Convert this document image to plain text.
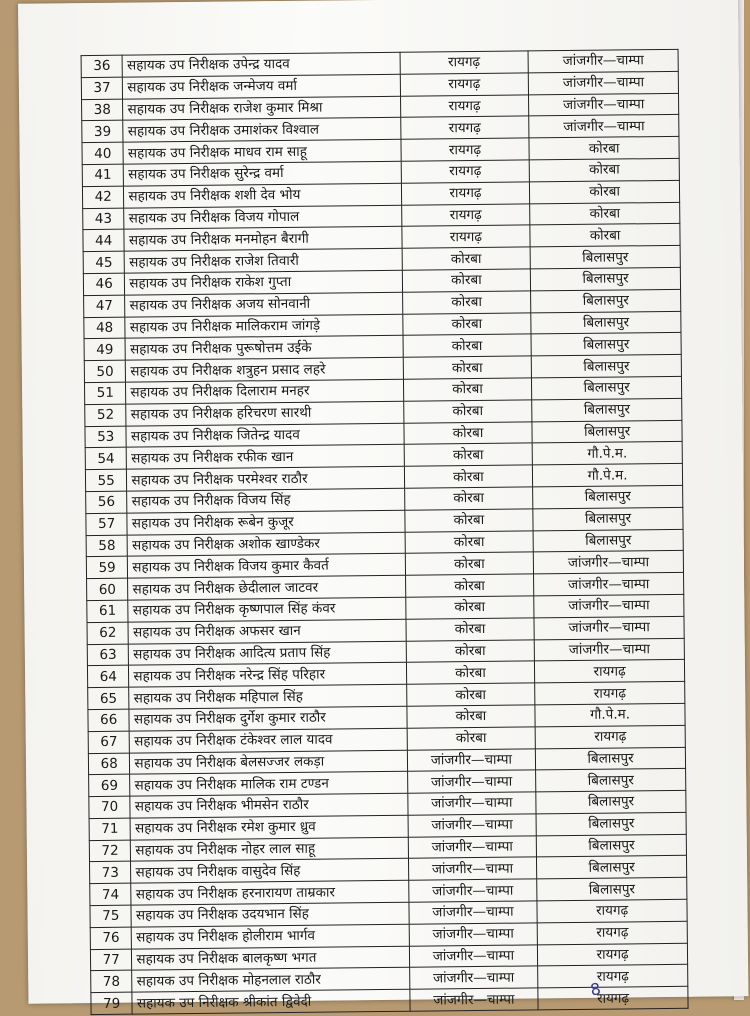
36	सहायक उप निरीक्षक उपेन्द्र यादव	रायगढ़	जांजगीर—चाम्पा
37	सहायक उप निरीक्षक जन्मेजय वर्मा	रायगढ़	जांजगीर—चाम्पा
38	सहायक उप निरीक्षक राजेश कुमार मिश्रा	रायगढ़	जांजगीर—चाम्पा
39	सहायक उप निरीक्षक उमाशंकर विश्वाल	रायगढ़	जांजगीर—चाम्पा
40	सहायक उप निरीक्षक माधव राम साहू	रायगढ़	कोरबा
41	सहायक उप निरीक्षक सुरेन्द्र वर्मा	रायगढ़	कोरबा
42	सहायक उप निरीक्षक शशी देव भोय	रायगढ़	कोरबा
43	सहायक उप निरीक्षक विजय गोपाल	रायगढ़	कोरबा
44	सहायक उप निरीक्षक मनमोहन बैरागी	रायगढ़	कोरबा
45	सहायक उप निरीक्षक राजेश तिवारी	कोरबा	बिलासपुर
46	सहायक उप निरीक्षक राकेश गुप्ता	कोरबा	बिलासपुर
47	सहायक उप निरीक्षक अजय सोनवानी	कोरबा	बिलासपुर
48	सहायक उप निरीक्षक मालिकराम जांगड़े	कोरबा	बिलासपुर
49	सहायक उप निरीक्षक पुरूषोत्तम उईके	कोरबा	बिलासपुर
50	सहायक उप निरीक्षक शत्रुहन प्रसाद लहरे	कोरबा	बिलासपुर
51	सहायक उप निरीक्षक दिलाराम मनहर	कोरबा	बिलासपुर
52	सहायक उप निरीक्षक हरिचरण सारथी	कोरबा	बिलासपुर
53	सहायक उप निरीक्षक जितेन्द्र यादव	कोरबा	बिलासपुर
54	सहायक उप निरीक्षक रफीक खान	कोरबा	गौ.पे.म.
55	सहायक उप निरीक्षक परमेश्वर राठौर	कोरबा	गौ.पे.म.
56	सहायक उप निरीक्षक विजय सिंह	कोरबा	बिलासपुर
57	सहायक उप निरीक्षक रूबेन कुजूर	कोरबा	बिलासपुर
58	सहायक उप निरीक्षक अशोक खाण्डेकर	कोरबा	बिलासपुर
59	सहायक उप निरीक्षक विजय कुमार कैवर्त	कोरबा	जांजगीर—चाम्पा
60	सहायक उप निरीक्षक छेदीलाल जाटवर	कोरबा	जांजगीर—चाम्पा
61	सहायक उप निरीक्षक कृष्णपाल सिंह कंवर	कोरबा	जांजगीर—चाम्पा
62	सहायक उप निरीक्षक अफसर खान	कोरबा	जांजगीर—चाम्पा
63	सहायक उप निरीक्षक आदित्य प्रताप सिंह	कोरबा	जांजगीर—चाम्पा
64	सहायक उप निरीक्षक नरेन्द्र सिंह परिहार	कोरबा	रायगढ़
65	सहायक उप निरीक्षक महिपाल सिंह	कोरबा	रायगढ़
66	सहायक उप निरीक्षक दुर्गेश कुमार राठौर	कोरबा	गौ.पे.म.
67	सहायक उप निरीक्षक टंकेश्वर लाल यादव	कोरबा	रायगढ़
68	सहायक उप निरीक्षक बेलसज्जर लकड़ा	जांजगीर—चाम्पा	बिलासपुर
69	सहायक उप निरीक्षक मालिक राम टण्डन	जांजगीर—चाम्पा	बिलासपुर
70	सहायक उप निरीक्षक भीमसेन राठौर	जांजगीर—चाम्पा	बिलासपुर
71	सहायक उप निरीक्षक रमेश कुमार ध्रुव	जांजगीर—चाम्पा	बिलासपुर
72	सहायक उप निरीक्षक नोहर लाल साहू	जांजगीर—चाम्पा	बिलासपुर
73	सहायक उप निरीक्षक वासुदेव सिंह	जांजगीर—चाम्पा	बिलासपुर
74	सहायक उप निरीक्षक हरनारायण ताम्रकार	जांजगीर—चाम्पा	बिलासपुर
75	सहायक उप निरीक्षक उदयभान सिंह	जांजगीर—चाम्पा	रायगढ़
76	सहायक उप निरीक्षक होलीराम भार्गव	जांजगीर—चाम्पा	रायगढ़
77	सहायक उप निरीक्षक बालकृष्ण भगत	जांजगीर—चाम्पा	रायगढ़
78	सहायक उप निरीक्षक मोहनलाल राठौर	जांजगीर—चाम्पा	रायगढ़
79	सहायक उप निरीक्षक श्रीकांत द्विवेदी	जांजगीर—चाम्पा	रायगढ़
8
